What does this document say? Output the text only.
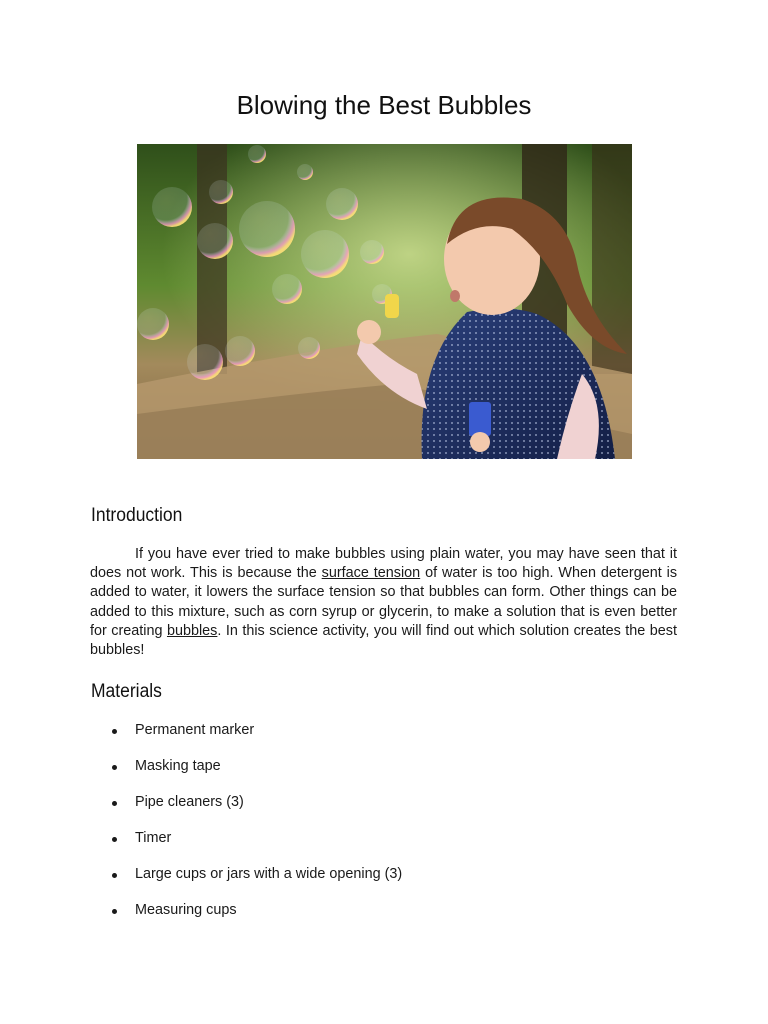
Blowing the Best Bubbles
Introduction

If you have ever tried to make bubbles using plain water, you may have seen that it does not work. This is because the surface tension of water is too high. When detergent is added to water, it lowers the surface tension so that bubbles can form. Other things can be added to this mixture, such as corn syrup or glycerin, to make a solution that is even better for creating bubbles. In this science activity, you will find out which solution creates the best bubbles!

Materials
Permanent marker
Masking tape
Pipe cleaners (3)
Timer
Large cups or jars with a wide opening (3)
Measuring cups
